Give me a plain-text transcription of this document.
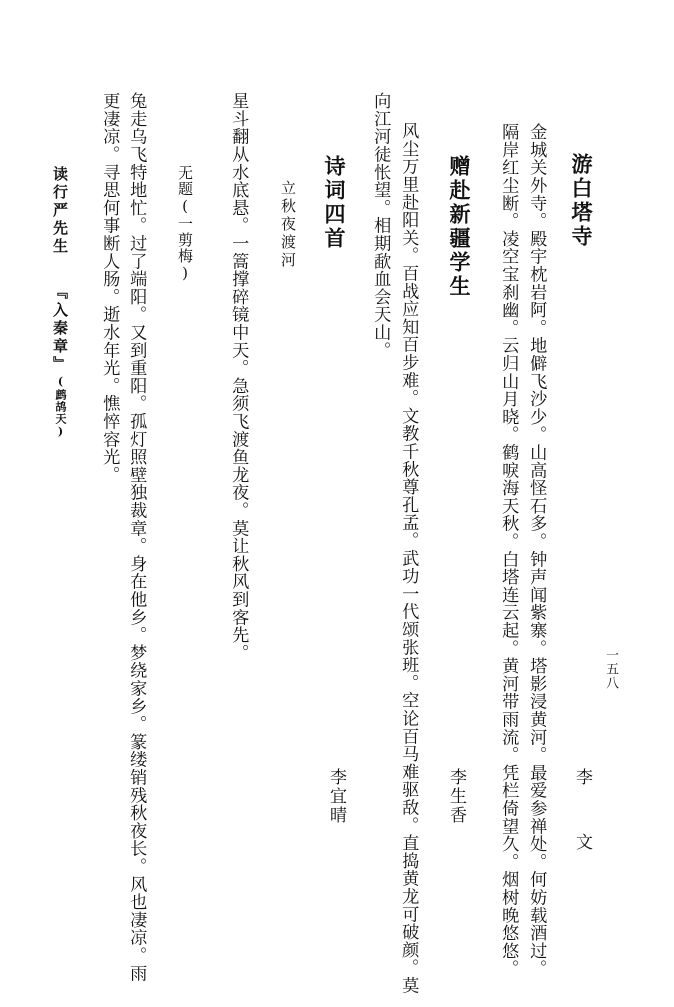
一五八
游白塔寺
李 文
金城关外寺。殿宇枕岩阿。地僻飞沙少。山高怪石多。钟声闻紫寨。塔影浸黄河。最爱参禅处。何妨载酒过。
隔岸红尘断。凌空宝刹幽。云归山月晓。鹤唳海天秋。白塔连云起。黄河带雨流。凭栏倚望久。烟树晚悠悠。
赠赴新疆学生
李生香
风尘万里赴阳关。百战应知百步难。文教千秋尊孔孟。武功一代颂张班。空论百马难驱敌。直捣黄龙可破颜。莫
向江河徒怅望。相期歃血会天山。
诗词四首
李宜晴
立秋夜渡河
星斗翻从水底悬。一篙撑碎镜中天。急须飞渡鱼龙夜。莫让秋风到客先。
无题(一剪梅)
兔走乌飞特地忙。过了端阳。又到重阳。孤灯照壁独裁章。身在他乡。梦绕家乡。篆缕销残秋夜长。风也凄凉。雨
更凄凉。寻思何事断人肠。逝水年光。憔悴容光。
读行严先生
『入秦章』
(鹧鸪天)
